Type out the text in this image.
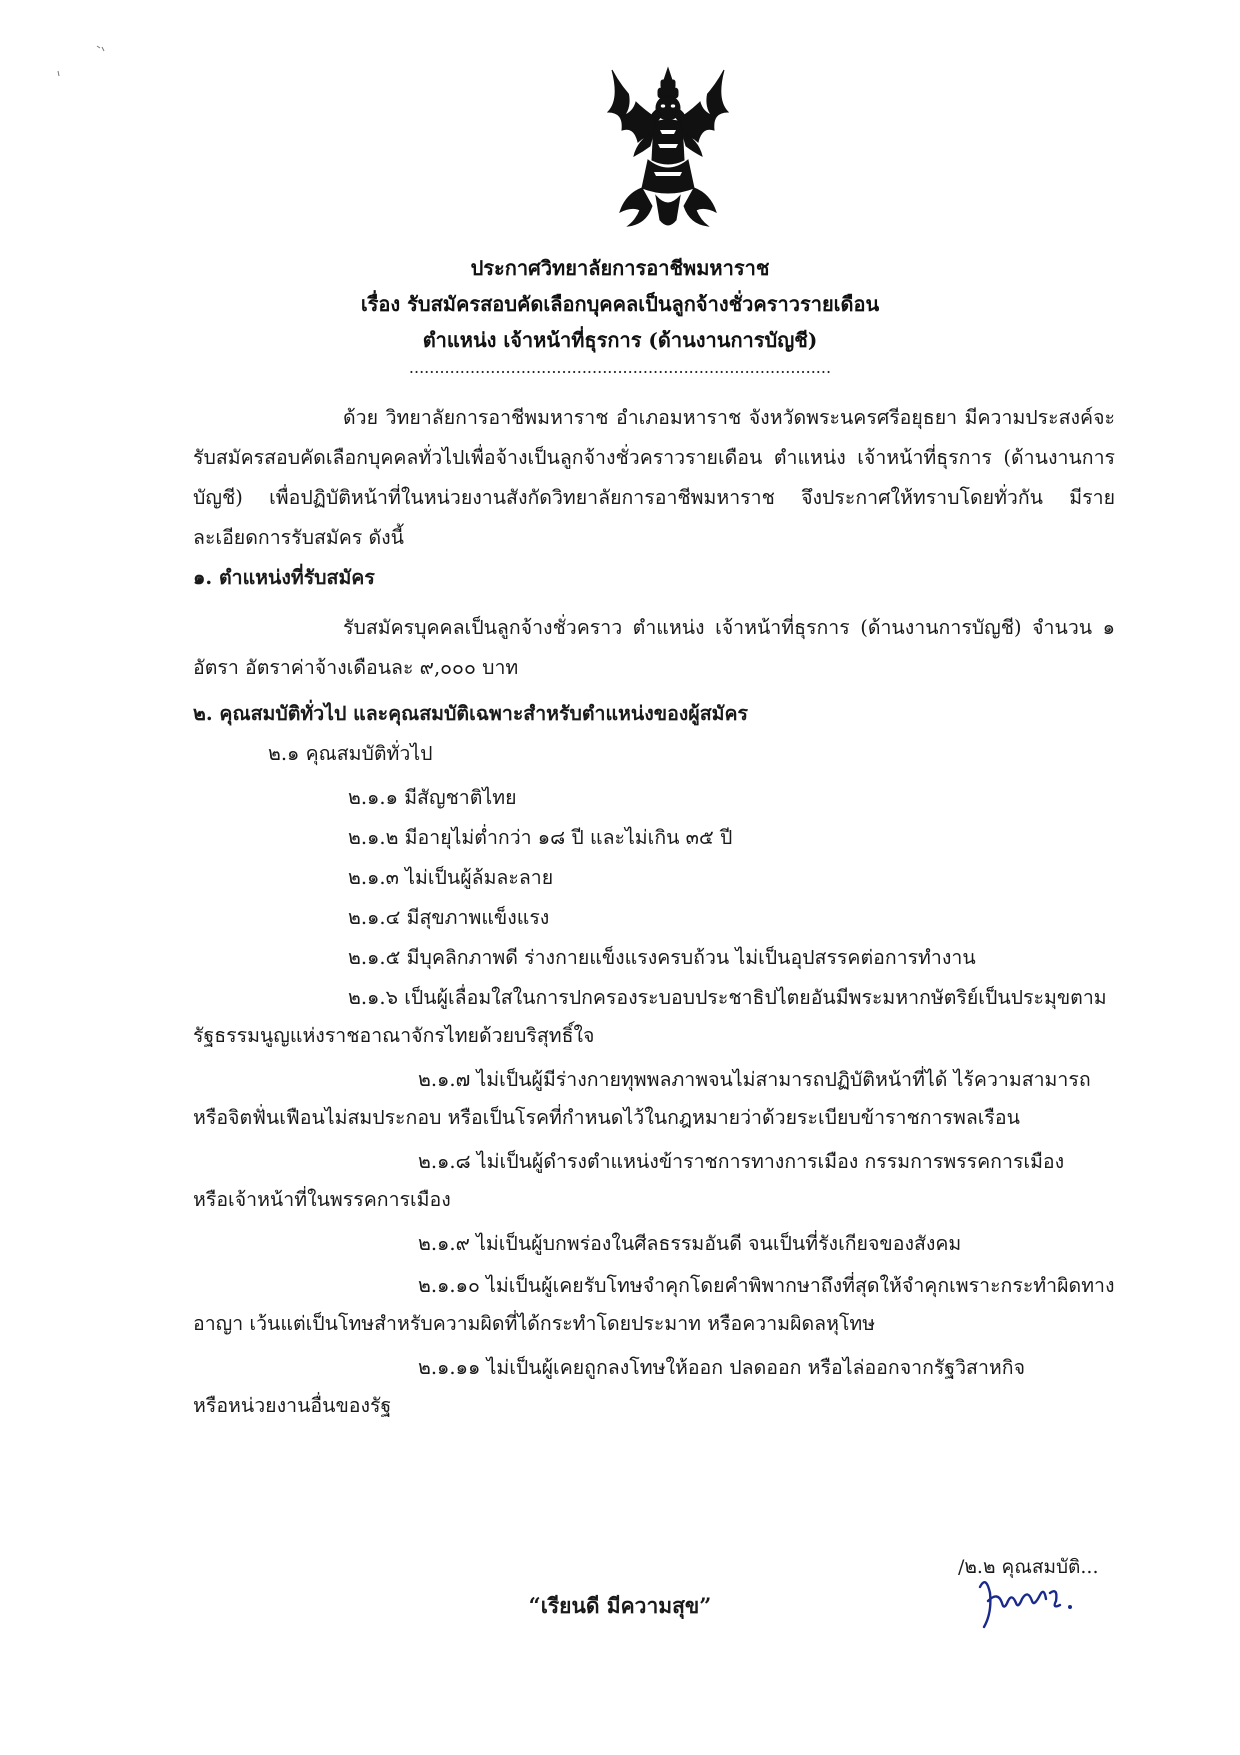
ประกาศวิทยาลัยการอาชีพมหาราช
เรื่อง รับสมัครสอบคัดเลือกบุคคลเป็นลูกจ้างชั่วคราวรายเดือน
ตำแหน่ง เจ้าหน้าที่ธุรการ (ด้านงานการบัญชี)
...................................................................................
ด้วย วิทยาลัยการอาชีพมหาราช อำเภอมหาราช จังหวัดพระนครศรีอยุธยา มีความประสงค์จะรับสมัครสอบคัดเลือกบุคคลทั่วไปเพื่อจ้างเป็นลูกจ้างชั่วคราวรายเดือน ตำแหน่ง เจ้าหน้าที่ธุรการ (ด้านงานการบัญชี) เพื่อปฏิบัติหน้าที่ในหน่วยงานสังกัดวิทยาลัยการอาชีพมหาราช จึงประกาศให้ทราบโดยทั่วกัน มีรายละเอียดการรับสมัคร ดังนี้
๑. ตำแหน่งที่รับสมัคร
รับสมัครบุคคลเป็นลูกจ้างชั่วคราว ตำแหน่ง เจ้าหน้าที่ธุรการ (ด้านงานการบัญชี) จำนวน ๑ อัตรา อัตราค่าจ้างเดือนละ ๙,๐๐๐ บาท
๒. คุณสมบัติทั่วไป และคุณสมบัติเฉพาะสำหรับตำแหน่งของผู้สมัคร
๒.๑ คุณสมบัติทั่วไป
๒.๑.๑ มีสัญชาติไทย
๒.๑.๒ มีอายุไม่ต่ำกว่า ๑๘ ปี และไม่เกิน ๓๕ ปี
๒.๑.๓ ไม่เป็นผู้ล้มละลาย
๒.๑.๔ มีสุขภาพแข็งแรง
๒.๑.๕ มีบุคลิกภาพดี ร่างกายแข็งแรงครบถ้วน ไม่เป็นอุปสรรคต่อการทำงาน
๒.๑.๖ เป็นผู้เลื่อมใสในการปกครองระบอบประชาธิปไตยอันมีพระมหากษัตริย์เป็นประมุขตาม
รัฐธรรมนูญแห่งราชอาณาจักรไทยด้วยบริสุทธิ์ใจ
๒.๑.๗ ไม่เป็นผู้มีร่างกายทุพพลภาพจนไม่สามารถปฏิบัติหน้าที่ได้ ไร้ความสามารถ
หรือจิตฟั่นเฟือนไม่สมประกอบ หรือเป็นโรคที่กำหนดไว้ในกฎหมายว่าด้วยระเบียบข้าราชการพลเรือน
๒.๑.๘ ไม่เป็นผู้ดำรงตำแหน่งข้าราชการทางการเมือง กรรมการพรรคการเมือง
หรือเจ้าหน้าที่ในพรรคการเมือง
๒.๑.๙ ไม่เป็นผู้บกพร่องในศีลธรรมอันดี จนเป็นที่รังเกียจของสังคม
๒.๑.๑๐ ไม่เป็นผู้เคยรับโทษจำคุกโดยคำพิพากษาถึงที่สุดให้จำคุกเพราะกระทำผิดทาง
อาญา เว้นแต่เป็นโทษสำหรับความผิดที่ได้กระทำโดยประมาท หรือความผิดลหุโทษ
๒.๑.๑๑ ไม่เป็นผู้เคยถูกลงโทษให้ออก ปลดออก หรือไล่ออกจากรัฐวิสาหกิจ
หรือหน่วยงานอื่นของรัฐ
/๒.๒ คุณสมบัติ...
“เรียนดี มีความสุข”
